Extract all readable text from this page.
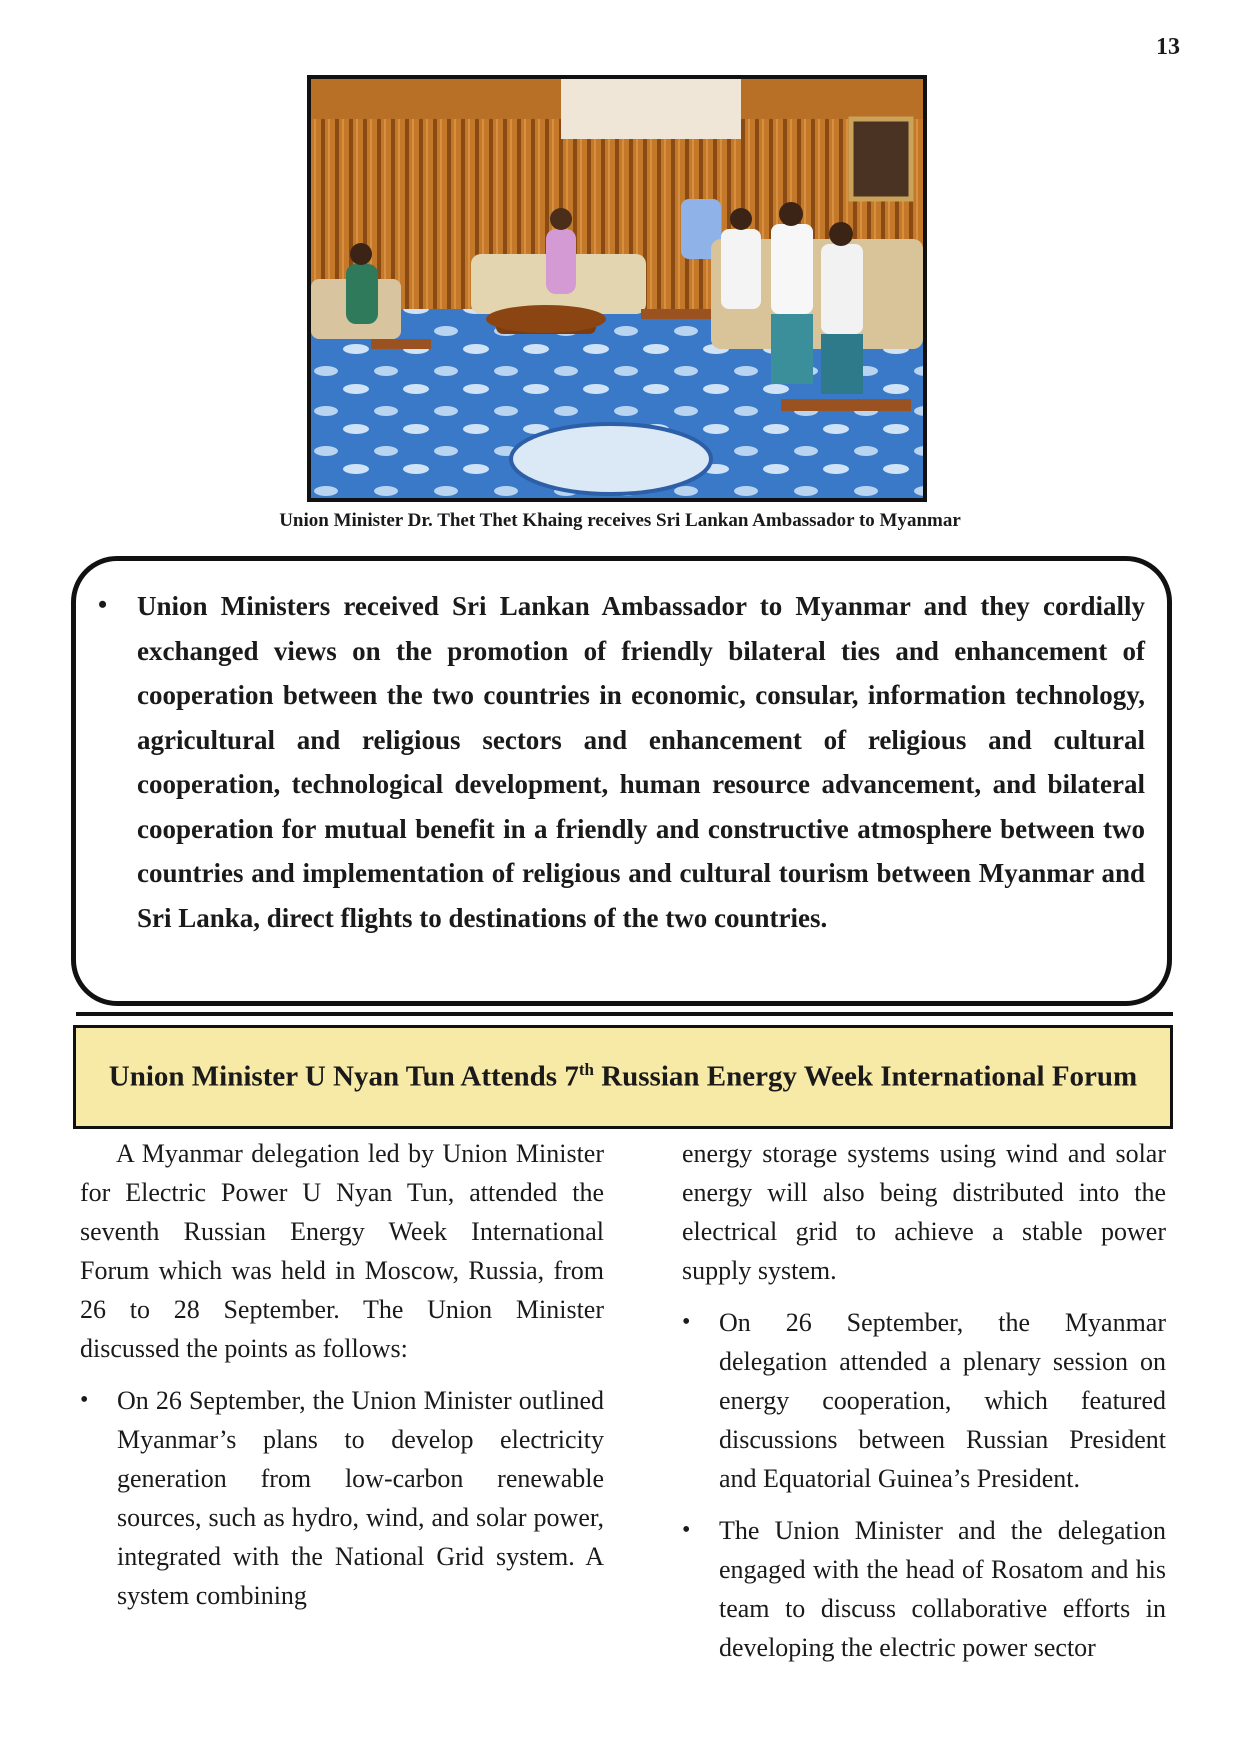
13
Union Minister Dr. Thet Thet Khaing receives Sri Lankan Ambassador to Myanmar
• Union Ministers received Sri Lankan Ambassador to Myanmar and they cordially exchanged views on the promotion of friendly bilateral ties and enhancement of cooperation between the two countries in economic, consular, information technology, agricultural and religious sectors and enhancement of religious and cultural cooperation, technological development, human resource advancement, and bilateral cooperation for mutual benefit in a friendly and constructive atmosphere between two countries and implementation of religious and cultural tourism between Myanmar and Sri Lanka, direct flights to destinations of the two countries.

Union Minister U Nyan Tun Attends 7th Russian Energy Week International Forum

A Myanmar delegation led by Union Minister for Electric Power U Nyan Tun, attended the seventh Russian Energy Week International Forum which was held in Moscow, Russia, from 26 to 28 September. The Union Minister discussed the points as follows:

• On 26 September, the Union Minister outlined Myanmar’s plans to develop electricity generation from low-carbon renewable sources, such as hydro, wind, and solar power, integrated with the National Grid system. A system combining

energy storage systems using wind and solar energy will also being distributed into the electrical grid to achieve a stable power supply system.

• On 26 September, the Myanmar delegation attended a plenary session on energy cooperation, which featured discussions between Russian President and Equatorial Guinea’s President.
• The Union Minister and the delegation engaged with the head of Rosatom and his team to discuss collaborative efforts in developing the electric power sector
